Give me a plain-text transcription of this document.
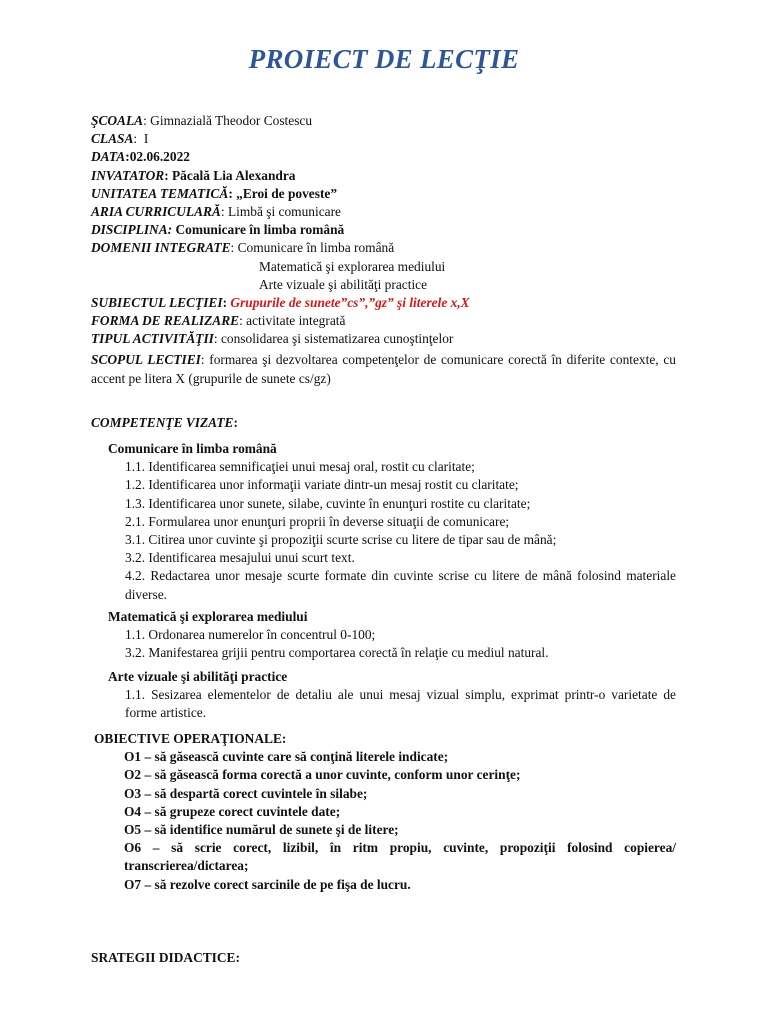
PROIECT DE LECŢIE
ŞCOALA: Gimnazială Theodor Costescu
CLASA:  I
DATA:02.06.2022
INVATATOR: Păcală Lia Alexandra
UNITATEA TEMATICĂ: „Eroi de poveste”
ARIA CURRICULARĂ: Limbă şi comunicare
DISCIPLINA: Comunicare în limba română
DOMENII INTEGRATE: Comunicare în limba română
Matematică şi explorarea mediului
Arte vizuale şi abilităţi practice
SUBIECTUL LECŢIEI: Grupurile de sunete”cs”,”gz” şi literele x,X
FORMA DE REALIZARE: activitate integrată
TIPUL ACTIVITĂŢII: consolidarea şi sistematizarea cunoştinţelor
SCOPUL LECTIEI: formarea şi dezvoltarea competenţelor de comunicare corectă în diferite contexte, cu accent pe litera X (grupurile de sunete cs/gz)
COMPETENŢE VIZATE:
Comunicare în limba română
1.1. Identificarea semnificaţiei unui mesaj oral, rostit cu claritate;
1.2. Identificarea unor informaţii variate dintr-un mesaj rostit cu claritate;
1.3. Identificarea unor sunete, silabe, cuvinte în enunţuri rostite cu claritate;
2.1. Formularea unor enunţuri proprii în deverse situaţii de comunicare;
3.1. Citirea unor cuvinte şi propoziţii scurte scrise cu litere de tipar sau de mână;
3.2. Identificarea mesajului unui scurt text.
4.2. Redactarea unor mesaje scurte formate din cuvinte scrise cu litere de mână folosind materiale diverse.
Matematică şi explorarea mediului
1.1. Ordonarea numerelor în concentrul 0-100;
3.2. Manifestarea grijii pentru comportarea corectă în relaţie cu mediul natural.
Arte vizuale şi abilităţi practice
1.1. Sesizarea elementelor de detaliu ale unui mesaj vizual simplu, exprimat printr-o varietate de forme artistice.
OBIECTIVE OPERAŢIONALE:
O1 – să găsească cuvinte care să conţină literele indicate;
O2 – să găsească forma corectă a unor cuvinte, conform unor cerinţe;
O3 – să despartă corect cuvintele în silabe;
O4 – să grupeze corect cuvintele date;
O5 – să identifice numărul de sunete şi de litere;
O6 – să scrie corect, lizibil, în ritm propiu, cuvinte, propoziţii folosind copierea/ transcrierea/dictarea;
O7 – să rezolve corect sarcinile de pe fişa de lucru.
SRATEGII DIDACTICE:
